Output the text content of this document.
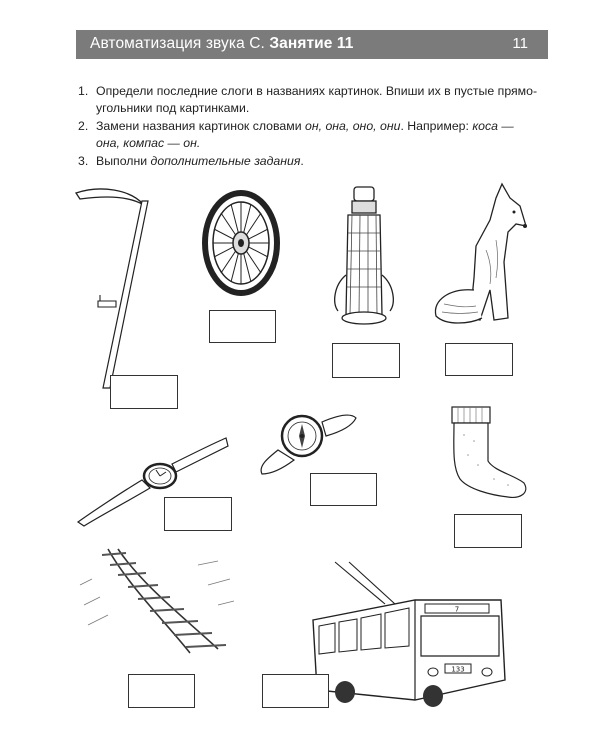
Автоматизация звука С. Занятие 11	11
1. Определи последние слоги в названиях картинок. Впиши их в пустые прямо-
угольники под картинками.
2. Замени названия картинок словами он, она, оно, они. Например: коса —
она, компас — он.
3. Выполни дополнительные задания.
7
133
